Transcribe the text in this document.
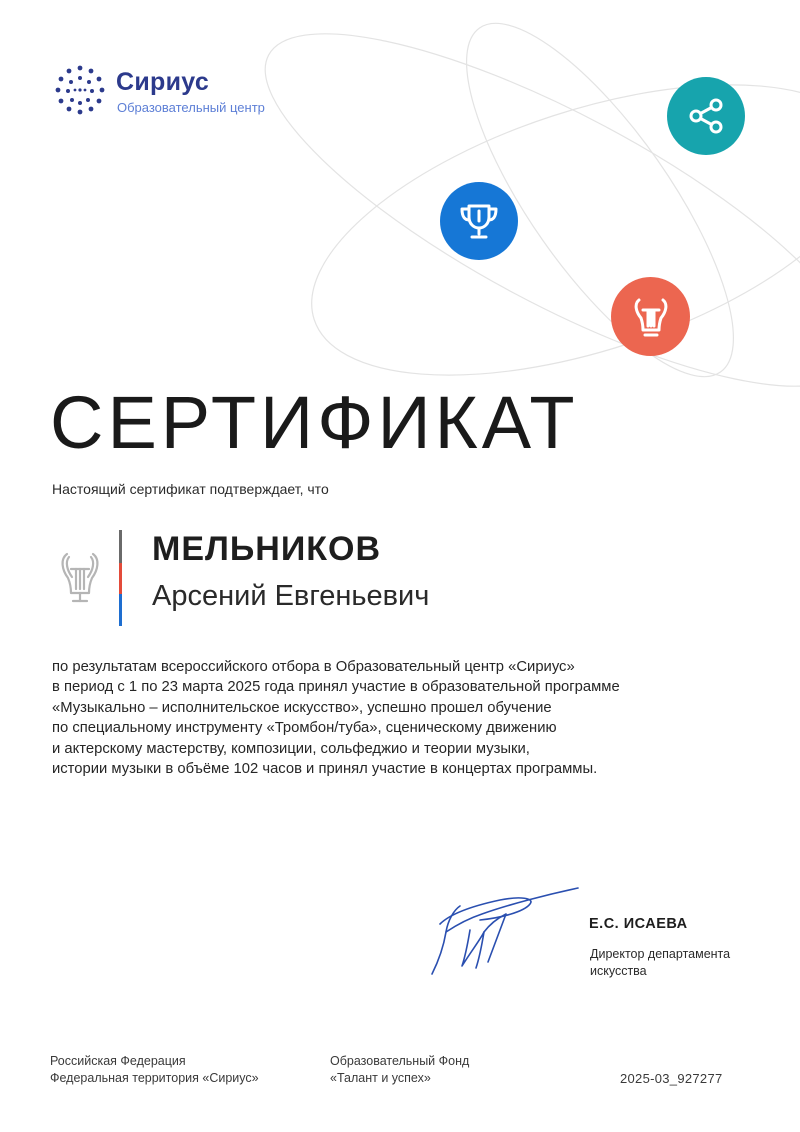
Сириус
Образовательный центр
СЕРТИФИКАТ
Настоящий сертификат подтверждает, что
МЕЛЬНИКОВ
Арсений Евгеньевич
по результатам всероссийского отбора в Образовательный центр «Сириус»
в период с 1 по 23 марта 2025 года принял участие в образовательной программе
«Музыкально – исполнительское искусство», успешно прошел обучение
по специальному инструменту «Тромбон/туба», сценическому движению
и актерскому мастерству, композиции, сольфеджио и теории музыки,
истории музыки в объёме 102 часов и принял участие в концертах программы.
Е.С. ИСАЕВА
Директор департамента
искусства
Российская Федерация
Федеральная территория «Сириус»
Образовательный Фонд
«Талант и успех»	2025-03_927277
